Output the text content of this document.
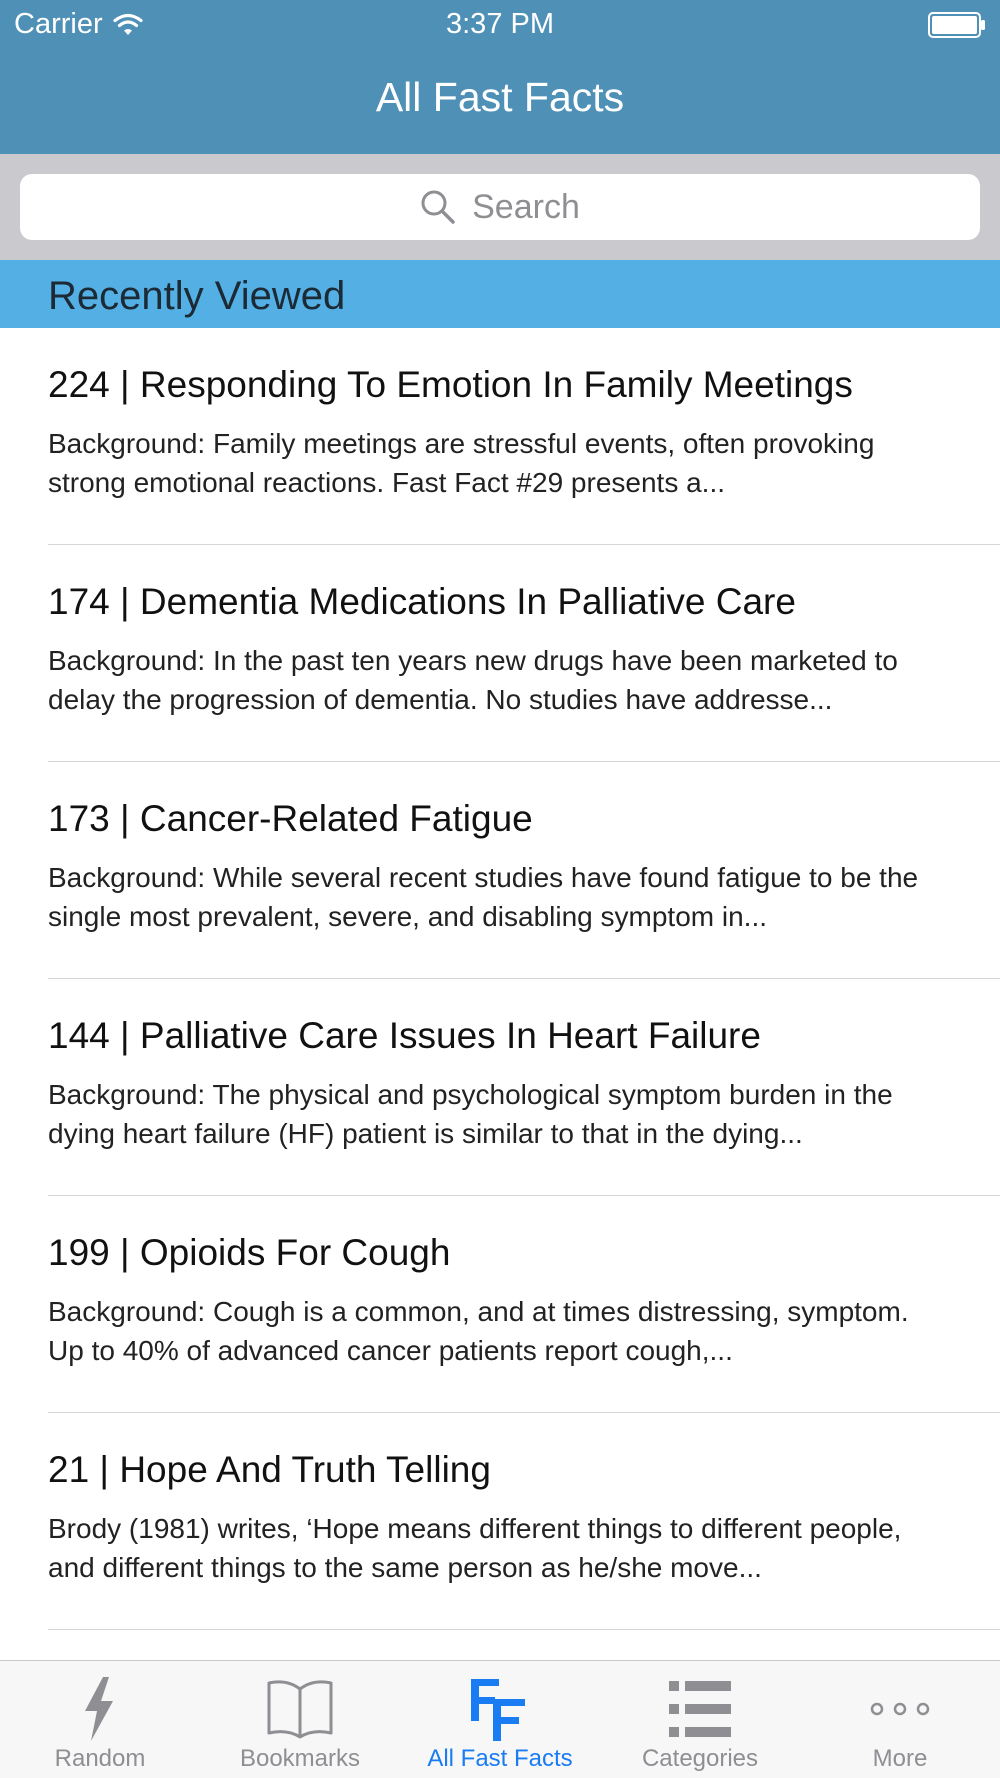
Carrier	3:37 PM
All Fast Facts
Search
Recently Viewed
224 | Responding To Emotion In Family Meetings
Background: Family meetings are stressful events, often provoking strong emotional reactions. Fast Fact #29 presents a...
174 | Dementia Medications In Palliative Care
Background: In the past ten years new drugs have been marketed to delay the progression of dementia. No studies have addresse...
173 | Cancer-Related Fatigue
Background: While several recent studies have found fatigue to be the single most prevalent, severe, and disabling symptom in...
144 | Palliative Care Issues In Heart Failure
Background: The physical and psychological symptom burden in the dying heart failure (HF) patient is similar to that in the dying...
199 | Opioids For Cough
Background: Cough is a common, and at times distressing, symptom. Up to 40% of advanced cancer patients report cough,...
21 | Hope And Truth Telling
Brody (1981) writes, ‘Hope means different things to different people, and different things to the same person as he/she move...
Random	Bookmarks	All Fast Facts	Categories	More
